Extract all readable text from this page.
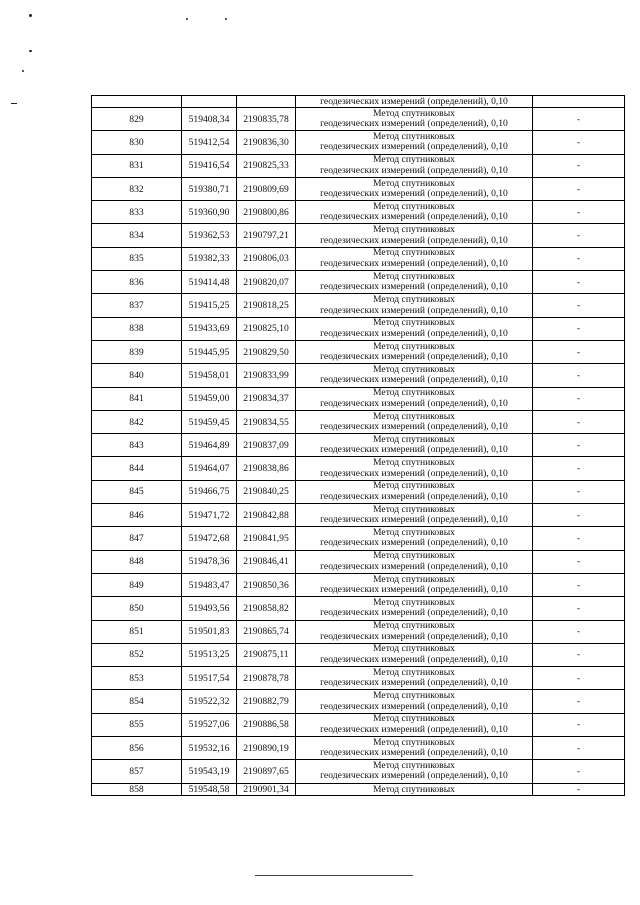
			геодезических измерений (определений), 0,10	
829	519408,34	2190835,78	Метод спутниковых
геодезических измерений (определений), 0,10	-
830	519412,54	2190836,30	Метод спутниковых
геодезических измерений (определений), 0,10	-
831	519416,54	2190825,33	Метод спутниковых
геодезических измерений (определений), 0,10	-
832	519380,71	2190809,69	Метод спутниковых
геодезических измерений (определений), 0,10	-
833	519360,90	2190800,86	Метод спутниковых
геодезических измерений (определений), 0,10	-
834	519362,53	2190797,21	Метод спутниковых
геодезических измерений (определений), 0,10	-
835	519382,33	2190806,03	Метод спутниковых
геодезических измерений (определений), 0,10	-
836	519414,48	2190820,07	Метод спутниковых
геодезических измерений (определений), 0,10	-
837	519415,25	2190818,25	Метод спутниковых
геодезических измерений (определений), 0,10	-
838	519433,69	2190825,10	Метод спутниковых
геодезических измерений (определений), 0,10	-
839	519445,95	2190829,50	Метод спутниковых
геодезических измерений (определений), 0,10	-
840	519458,01	2190833,99	Метод спутниковых
геодезических измерений (определений), 0,10	-
841	519459,00	2190834,37	Метод спутниковых
геодезических измерений (определений), 0,10	-
842	519459,45	2190834,55	Метод спутниковых
геодезических измерений (определений), 0,10	-
843	519464,89	2190837,09	Метод спутниковых
геодезических измерений (определений), 0,10	-
844	519464,07	2190838,86	Метод спутниковых
геодезических измерений (определений), 0,10	-
845	519466,75	2190840,25	Метод спутниковых
геодезических измерений (определений), 0,10	-
846	519471,72	2190842,88	Метод спутниковых
геодезических измерений (определений), 0,10	-
847	519472,68	2190841,95	Метод спутниковых
геодезических измерений (определений), 0,10	-
848	519478,36	2190846,41	Метод спутниковых
геодезических измерений (определений), 0,10	-
849	519483,47	2190850,36	Метод спутниковых
геодезических измерений (определений), 0,10	-
850	519493,56	2190858,82	Метод спутниковых
геодезических измерений (определений), 0,10	-
851	519501,83	2190865,74	Метод спутниковых
геодезических измерений (определений), 0,10	-
852	519513,25	2190875,11	Метод спутниковых
геодезических измерений (определений), 0,10	-
853	519517,54	2190878,78	Метод спутниковых
геодезических измерений (определений), 0,10	-
854	519522,32	2190882,79	Метод спутниковых
геодезических измерений (определений), 0,10	-
855	519527,06	2190886,58	Метод спутниковых
геодезических измерений (определений), 0,10	-
856	519532,16	2190890,19	Метод спутниковых
геодезических измерений (определений), 0,10	-
857	519543,19	2190897,65	Метод спутниковых
геодезических измерений (определений), 0,10	-
858	519548,58	2190901,34	Метод спутниковых	-
